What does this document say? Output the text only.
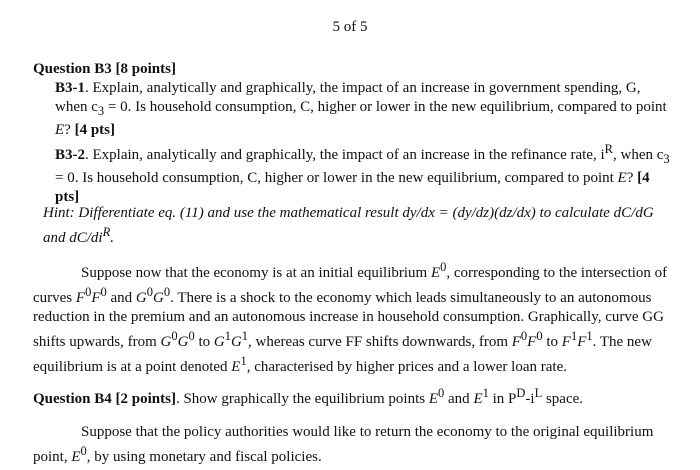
5 of 5
Question B3 [8 points]
B3-1. Explain, analytically and graphically, the impact of an increase in government spending, G, when $c_3 = 0$. Is household consumption, C, higher or lower in the new equilibrium, compared to point E? [4 pts]
B3-2. Explain, analytically and graphically, the impact of an increase in the refinance rate, $i^R$, when $c_3 = 0$. Is household consumption, C, higher or lower in the new equilibrium, compared to point E? [4 pts]
Hint: Differentiate eq. (11) and use the mathematical result dy/dx = (dy/dz)(dz/dx) to calculate dC/dG and $dC/di^R$.
Suppose now that the economy is at an initial equilibrium $E^0$, corresponding to the intersection of curves $F^0F^0$ and $G^0G^0$. There is a shock to the economy which leads simultaneously to an autonomous reduction in the premium and an autonomous increase in household consumption. Graphically, curve GG shifts upwards, from $G^0G^0$ to $G^1G^1$, whereas curve FF shifts downwards, from $F^0F^0$ to $F^1F^1$. The new equilibrium is at a point denoted $E^1$, characterised by higher prices and a lower loan rate.
Question B4 [2 points]. Show graphically the equilibrium points $E^0$ and $E^1$ in $P^D-i^L$ space.
Suppose that the policy authorities would like to return the economy to the original equilibrium point, $E^0$, by using monetary and fiscal policies.
